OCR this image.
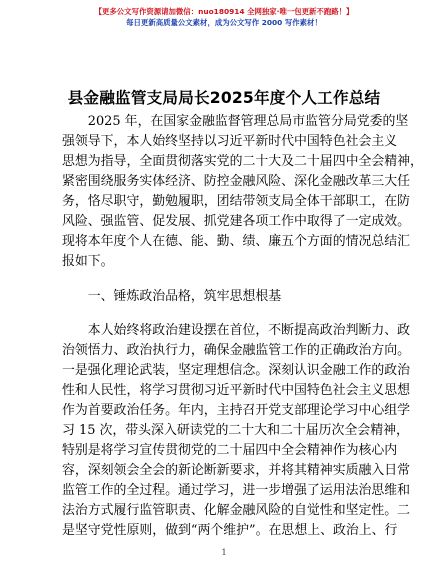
【更多公文写作资源请加微信：nuo180914 全网独家·唯一包更新不跑路！】
每日更新高质量公文素材，成为公文写作 2000 写作素材！
县金融监管支局局长2025年度个人工作总结
　　2025 年，在国家金融监督管理总局市监管分局党委的坚
强领导下，本人始终坚持以习近平新时代中国特色社会主义
思想为指导，全面贯彻落实党的二十大及二十届四中全会精神，
紧密围绕服务实体经济、防控金融风险、深化金融改革三大任
务，恪尽职守，勤勉履职，团结带领支局全体干部职工，在防
风险、强监管、促发展、抓党建各项工作中取得了一定成效。
现将本年度个人在德、能、勤、绩、廉五个方面的情况总结汇
报如下。
　　一、锤炼政治品格，筑牢思想根基
　　本人始终将政治建设摆在首位，不断提高政治判断力、政
治领悟力、政治执行力，确保金融监管工作的正确政治方向。
一是强化理论武装，坚定理想信念。深刻认识金融工作的政治
性和人民性，将学习贯彻习近平新时代中国特色社会主义思想
作为首要政治任务。年内，主持召开党支部理论学习中心组学
习 15 次，带头深入研读党的二十大和二十届历次全会精神，
特别是将学习宣传贯彻党的二十届四中全会精神作为核心内
容，深刻领会全会的新论断新要求，并将其精神实质融入日常
监管工作的全过程。通过学习，进一步增强了运用法治思维和
法治方式履行监管职责、化解金融风险的自觉性和坚定性。二
是坚守党性原则，做到“两个维护”。在思想上、政治上、行
1
